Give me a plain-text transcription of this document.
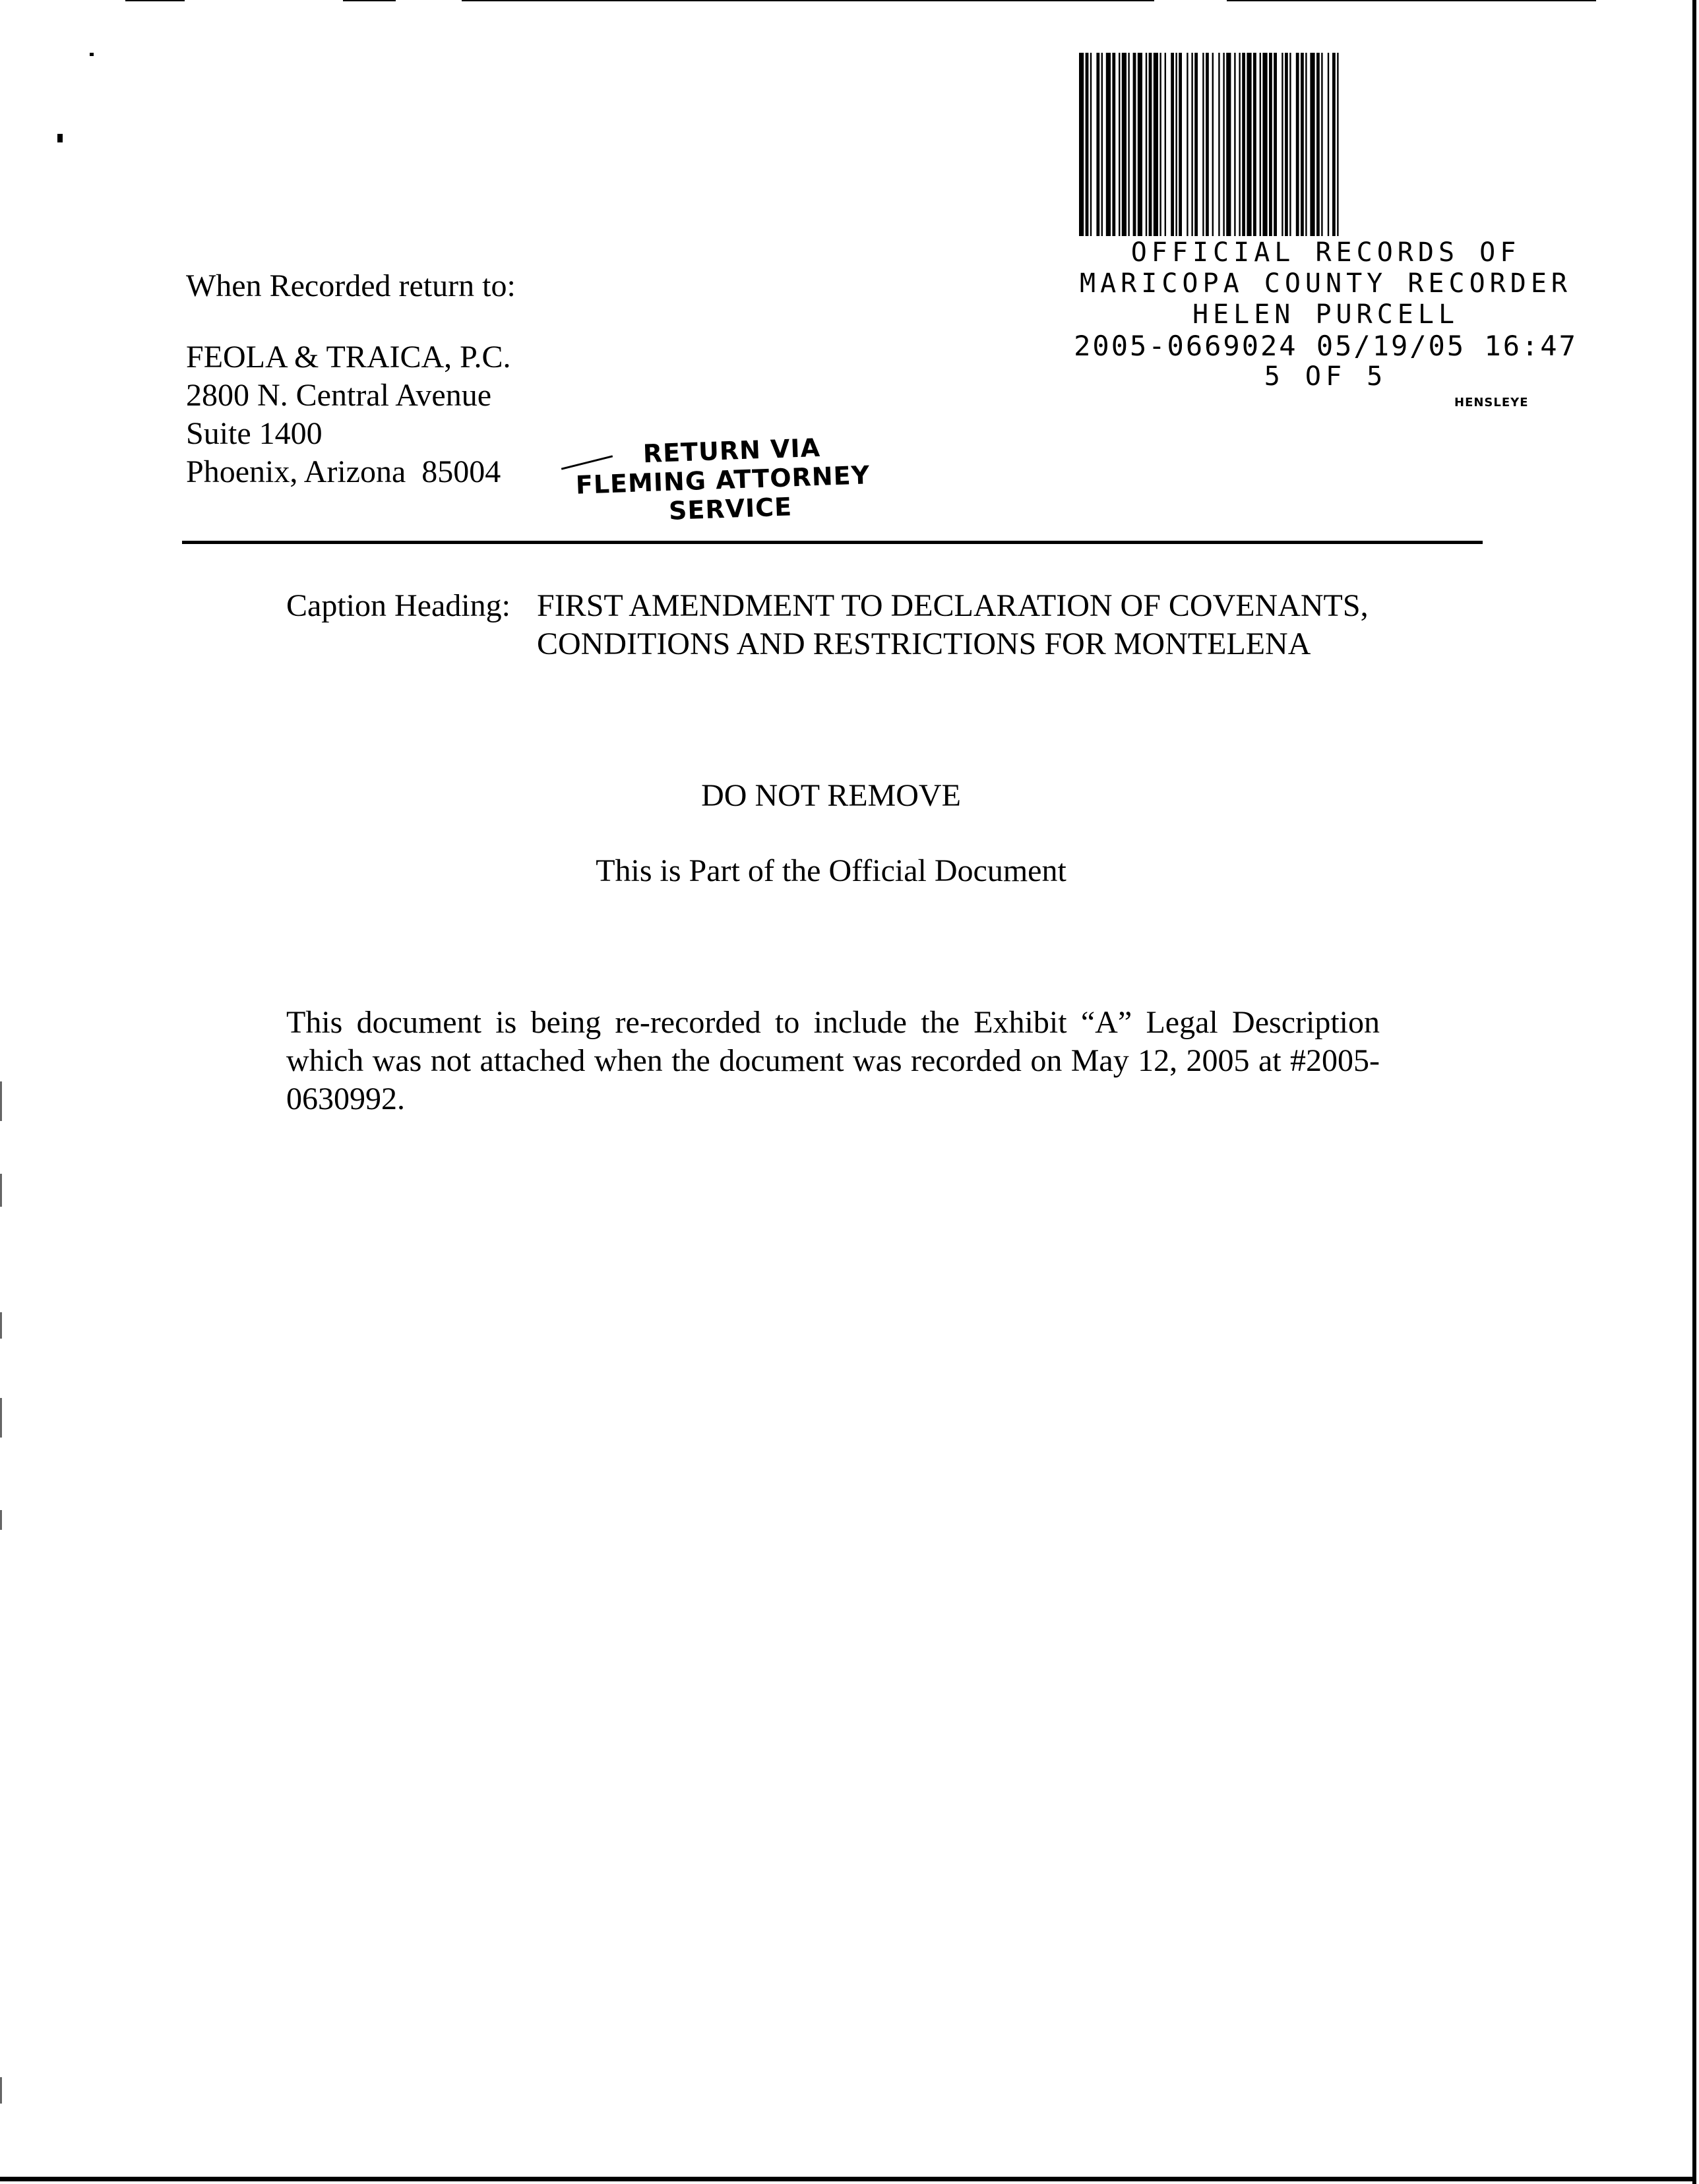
OFFICIAL RECORDS OF
MARICOPA COUNTY RECORDER
HELEN PURCELL
2005-0669024 05/19/05 16:47
5 OF 5
HENSLEYE
When Recorded return to:
FEOLA & TRAICA, P.C.
2800 N. Central Avenue
Suite 1400
Phoenix, Arizona  85004
RETURN VIA
FLEMING ATTORNEY
SERVICE
Caption Heading: FIRST AMENDMENT TO DECLARATION OF COVENANTS,
CONDITIONS AND RESTRICTIONS FOR MONTELENA
DO NOT REMOVE
This is Part of the Official Document
This document is being re-recorded to include the Exhibit “A” Legal Description which was not attached when the document was recorded on May 12, 2005 at #2005-0630992.
